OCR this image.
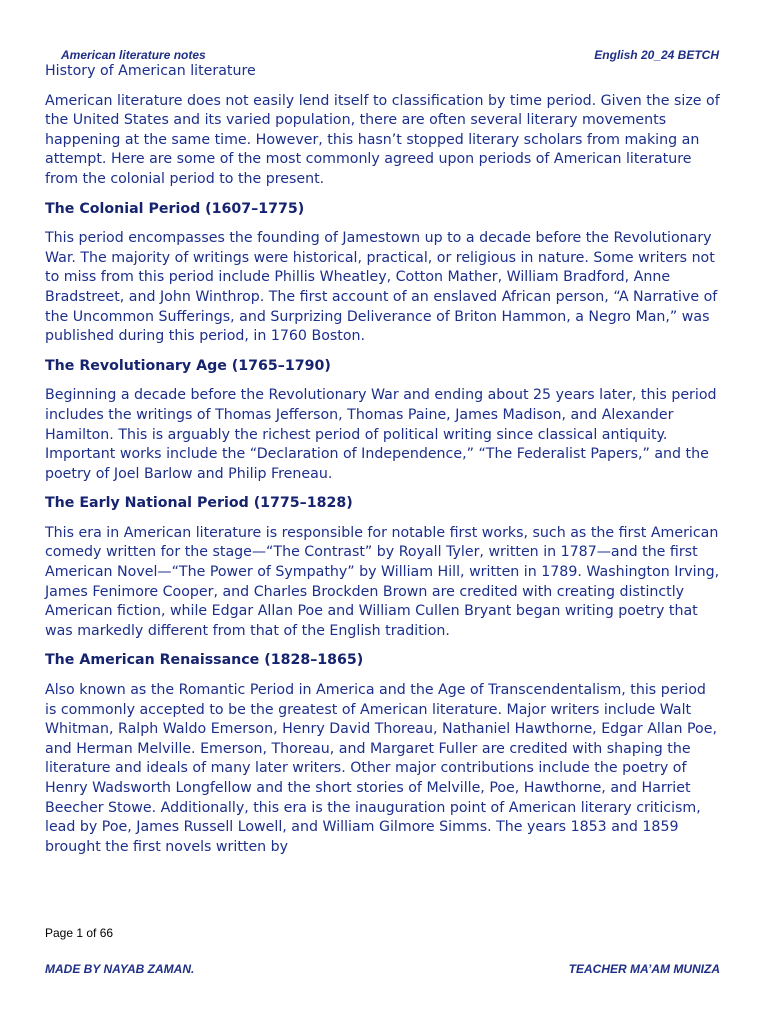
American literature notes	English 20_24 BETCH
History of American literature

American literature does not easily lend itself to classification by time period. Given the size of the United States and its varied population, there are often several literary movements happening at the same time. However, this hasn’t stopped literary scholars from making an attempt. Here are some of the most commonly agreed upon periods of American literature from the colonial period to the present.

The Colonial Period (1607–1775)

This period encompasses the founding of Jamestown up to a decade before the Revolutionary War. The majority of writings were historical, practical, or religious in nature. Some writers not to miss from this period include Phillis Wheatley, Cotton Mather, William Bradford, Anne Bradstreet, and John Winthrop. The first account of an enslaved African person, “A Narrative of the Uncommon Sufferings, and Surprizing Deliverance of Briton Hammon, a Negro Man,” was published during this period, in 1760 Boston.

The Revolutionary Age (1765–1790)

Beginning a decade before the Revolutionary War and ending about 25 years later, this period includes the writings of Thomas Jefferson, Thomas Paine, James Madison, and Alexander Hamilton. This is arguably the richest period of political writing since classical antiquity. Important works include the “Declaration of Independence,” “The Federalist Papers,” and the poetry of Joel Barlow and Philip Freneau.

The Early National Period (1775–1828)

This era in American literature is responsible for notable first works, such as the first American comedy written for the stage—“The Contrast” by Royall Tyler, written in 1787—and the first American Novel—“The Power of Sympathy” by William Hill, written in 1789. Washington Irving, James Fenimore Cooper, and Charles Brockden Brown are credited with creating distinctly American fiction, while Edgar Allan Poe and William Cullen Bryant began writing poetry that was markedly different from that of the English tradition.

The American Renaissance (1828–1865)

Also known as the Romantic Period in America and the Age of Transcendentalism, this period is commonly accepted to be the greatest of American literature. Major writers include Walt Whitman, Ralph Waldo Emerson, Henry David Thoreau, Nathaniel Hawthorne, Edgar Allan Poe, and Herman Melville. Emerson, Thoreau, and Margaret Fuller are credited with shaping the literature and ideals of many later writers. Other major contributions include the poetry of Henry Wadsworth Longfellow and the short stories of Melville, Poe, Hawthorne, and Harriet Beecher Stowe. Additionally, this era is the inauguration point of American literary criticism, lead by Poe, James Russell Lowell, and William Gilmore Simms. The years 1853 and 1859 brought the first novels written by

Page 1 of 66
MADE BY NAYAB ZAMAN.	TEACHER MA’AM MUNIZA
